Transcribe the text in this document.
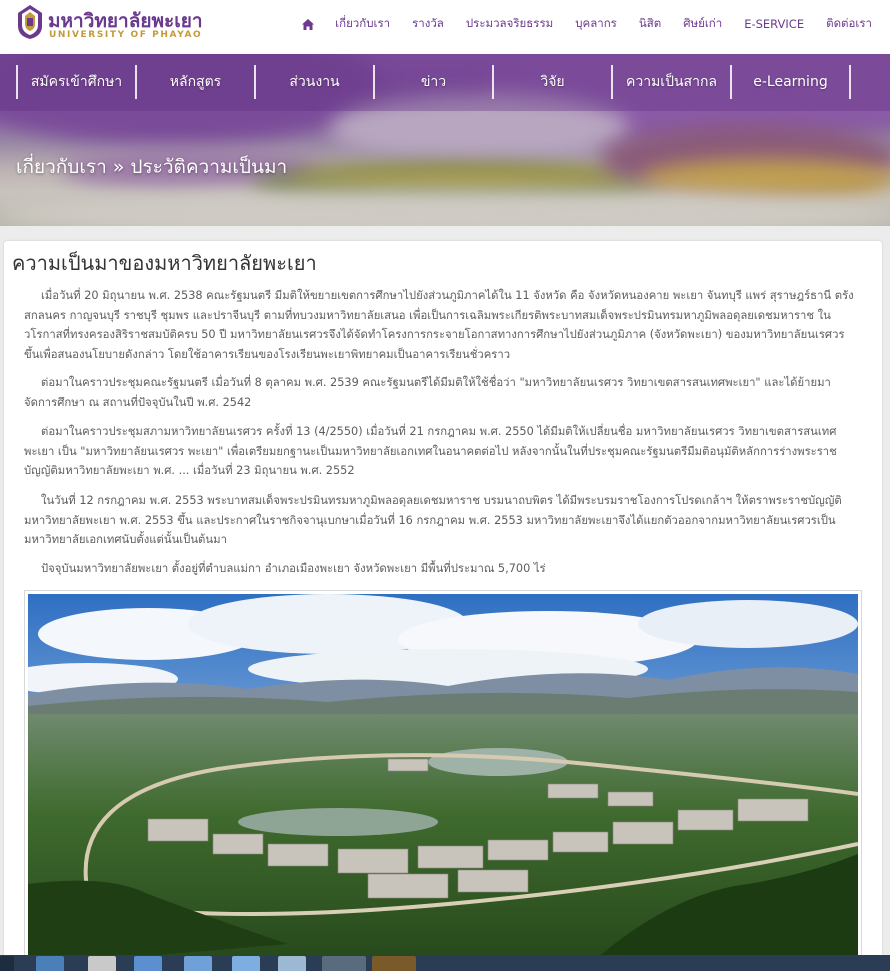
มหาวิทยาลัยพะเยา
UNIVERSITY OF PHAYAO
เกี่ยวกับเรา	รางวัล	ประมวลจริยธรรม	บุคลากร	นิสิต	ศิษย์เก่า	E-SERVICE	ติดต่อเรา
สมัครเข้าศึกษา	หลักสูตร	ส่วนงาน	ข่าว	วิจัย	ความเป็นสากล	e-Learning
เกี่ยวกับเรา » ประวัติความเป็นมา
ความเป็นมาของมหาวิทยาลัยพะเยา

เมื่อวันที่ 20 มิถุนายน พ.ศ. 2538 คณะรัฐมนตรี มีมติให้ขยายเขตการศึกษาไปยังส่วนภูมิภาคได้ใน 11 จังหวัด คือ จังหวัดหนองคาย พะเยา จันทบุรี แพร่ สุราษฎร์ธานี ตรัง สกลนคร กาญจนบุรี ราชบุรี ชุมพร และปราจีนบุรี ตามที่ทบวงมหาวิทยาลัยเสนอ เพื่อเป็นการเฉลิมพระเกียรติพระบาทสมเด็จพระปรมินทรมหาภูมิพลอดุลยเดชมหาราช ในวโรกาสที่ทรงครองสิริราชสมบัติครบ 50 ปี มหาวิทยาลัยนเรศวรจึงได้จัดทำโครงการกระจายโอกาสทางการศึกษาไปยังส่วนภูมิภาค (จังหวัดพะเยา) ของมหาวิทยาลัยนเรศวร ขึ้นเพื่อสนองนโยบายดังกล่าว โดยใช้อาคารเรียนของโรงเรียนพะเยาพิทยาคมเป็นอาคารเรียนชั่วคราว

ต่อมาในคราวประชุมคณะรัฐมนตรี เมื่อวันที่ 8 ตุลาคม พ.ศ. 2539 คณะรัฐมนตรีได้มีมติให้ใช้ชื่อว่า "มหาวิทยาลัยนเรศวร วิทยาเขตสารสนเทศพะเยา" และได้ย้ายมาจัดการศึกษา ณ สถานที่ปัจจุบันในปี พ.ศ. 2542

ต่อมาในคราวประชุมสภามหาวิทยาลัยนเรศวร ครั้งที่ 13 (4/2550) เมื่อวันที่ 21 กรกฎาคม พ.ศ. 2550 ได้มีมติให้เปลี่ยนชื่อ มหาวิทยาลัยนเรศวร วิทยาเขตสารสนเทศพะเยา เป็น "มหาวิทยาลัยนเรศวร พะเยา" เพื่อเตรียมยกฐานะเป็นมหาวิทยาลัยเอกเทศในอนาคตต่อไป หลังจากนั้นในที่ประชุมคณะรัฐมนตรีมีมติอนุมัติหลักการร่างพระราชบัญญัติมหาวิทยาลัยพะเยา พ.ศ. ... เมื่อวันที่ 23 มิถุนายน พ.ศ. 2552

ในวันที่ 12 กรกฎาคม พ.ศ. 2553 พระบาทสมเด็จพระปรมินทรมหาภูมิพลอดุลยเดชมหาราช บรมนาถบพิตร ได้มีพระบรมราชโองการโปรดเกล้าฯ ให้ตราพระราชบัญญัติมหาวิทยาลัยพะเยา พ.ศ. 2553 ขึ้น และประกาศในราชกิจจานุเบกษาเมื่อวันที่ 16 กรกฎาคม พ.ศ. 2553 มหาวิทยาลัยพะเยาจึงได้แยกตัวออกจากมหาวิทยาลัยนเรศวรเป็นมหาวิทยาลัยเอกเทศนับตั้งแต่นั้นเป็นต้นมา

ปัจจุบันมหาวิทยาลัยพะเยา ตั้งอยู่ที่ตำบลแม่กา อำเภอเมืองพะเยา จังหวัดพะเยา มีพื้นที่ประมาณ 5,700 ไร่
